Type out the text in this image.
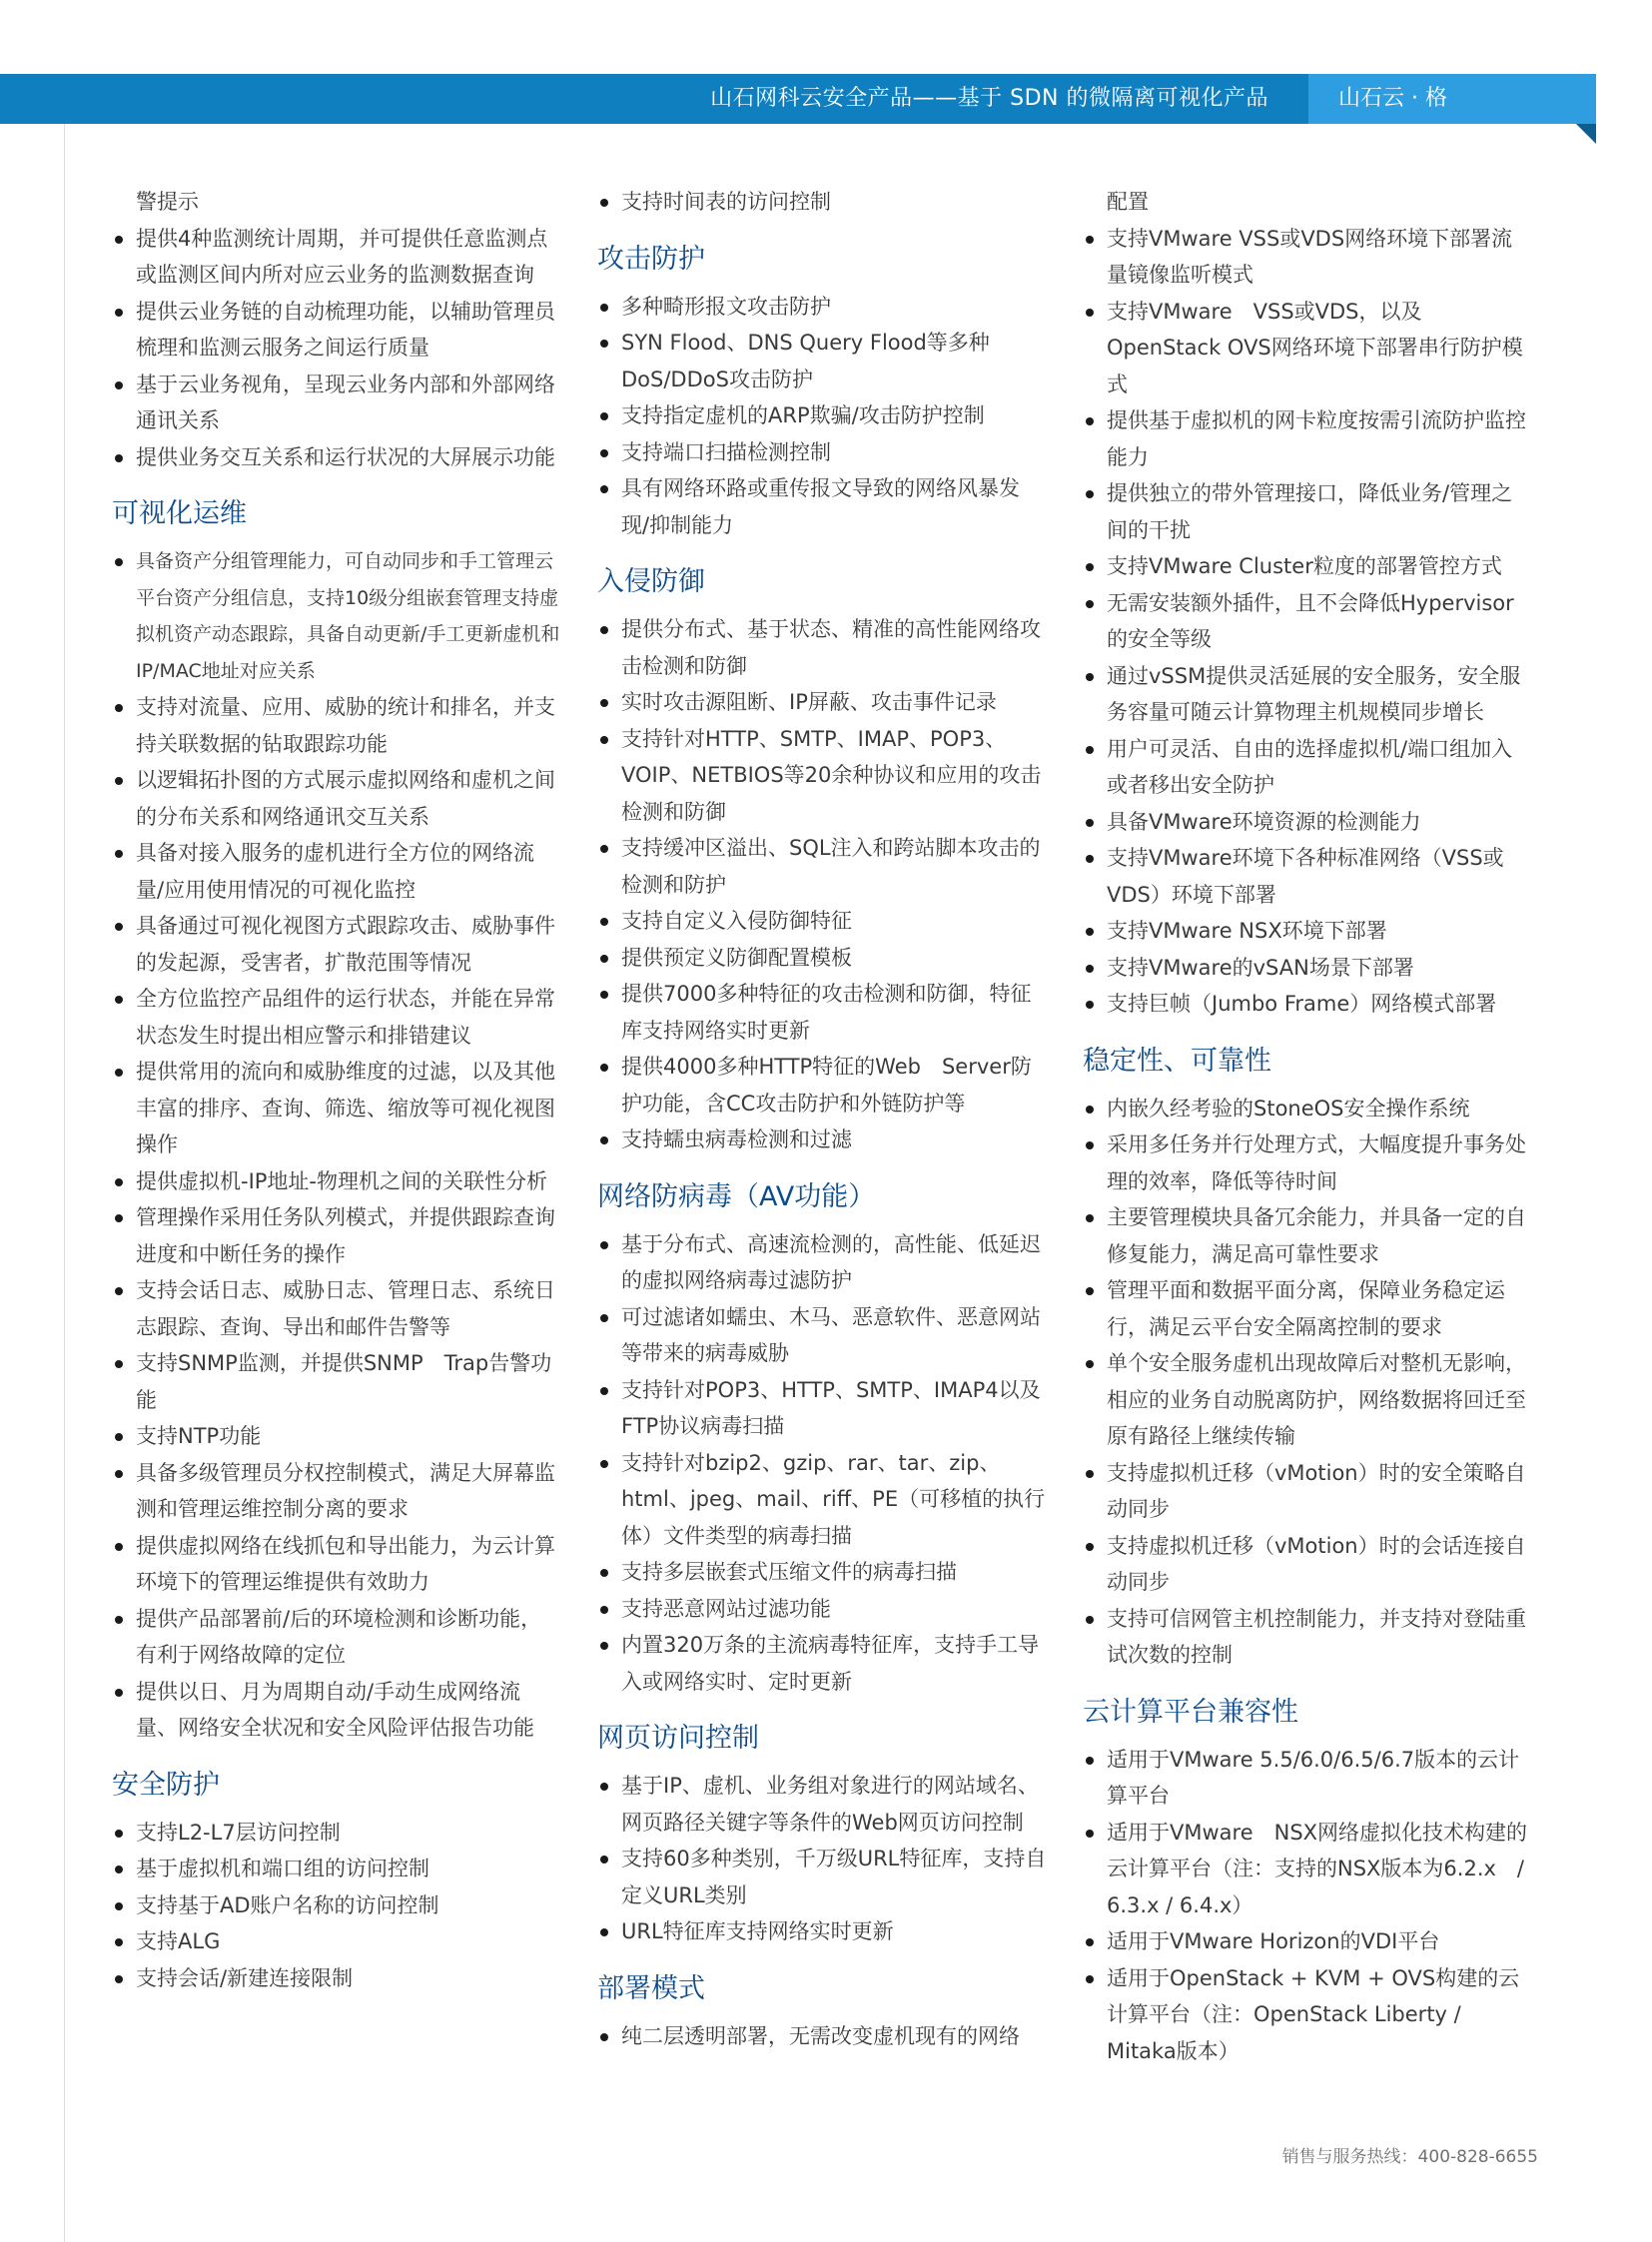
山石网科云安全产品——基于 SDN 的微隔离可视化产品	山石云 · 格

警提示

提供4种监测统计周期，并可提供任意监测点或监测区间内所对应云业务的监测数据查询
提供云业务链的自动梳理功能，以辅助管理员梳理和监测云服务之间运行质量
基于云业务视角，呈现云业务内部和外部网络通讯关系
提供业务交互关系和运行状况的大屏展示功能
可视化运维
具备资产分组管理能力，可自动同步和手工管理云平台资产分组信息，支持10级分组嵌套管理支持虚拟机资产动态跟踪，具备自动更新/手工更新虚机和IP/MAC地址对应关系
支持对流量、应用、威胁的统计和排名，并支持关联数据的钻取跟踪功能
以逻辑拓扑图的方式展示虚拟网络和虚机之间的分布关系和网络通讯交互关系
具备对接入服务的虚机进行全方位的网络流量/应用使用情况的可视化监控
具备通过可视化视图方式跟踪攻击、威胁事件的发起源，受害者，扩散范围等情况
全方位监控产品组件的运行状态，并能在异常状态发生时提出相应警示和排错建议
提供常用的流向和威胁维度的过滤，以及其他丰富的排序、查询、筛选、缩放等可视化视图操作
提供虚拟机-IP地址-物理机之间的关联性分析
管理操作采用任务队列模式，并提供跟踪查询进度和中断任务的操作
支持会话日志、威胁日志、管理日志、系统日志跟踪、查询、导出和邮件告警等
支持SNMP监测，并提供SNMP　Trap告警功能
支持NTP功能
具备多级管理员分权控制模式，满足大屏幕监测和管理运维控制分离的要求
提供虚拟网络在线抓包和导出能力，为云计算环境下的管理运维提供有效助力
提供产品部署前/后的环境检测和诊断功能，有利于网络故障的定位
提供以日、月为周期自动/手动生成网络流量、网络安全状况和安全风险评估报告功能
安全防护
支持L2-L7层访问控制
基于虚拟机和端口组的访问控制
支持基于AD账户名称的访问控制
支持ALG
支持会话/新建连接限制
支持时间表的访问控制
攻击防护
多种畸形报文攻击防护
SYN Flood、DNS Query Flood等多种DoS/DDoS攻击防护
支持指定虚机的ARP欺骗/攻击防护控制
支持端口扫描检测控制
具有网络环路或重传报文导致的网络风暴发现/抑制能力
入侵防御
提供分布式、基于状态、精准的高性能网络攻击检测和防御
实时攻击源阻断、IP屏蔽、攻击事件记录
支持针对HTTP、SMTP、IMAP、POP3、VOIP、NETBIOS等20余种协议和应用的攻击检测和防御
支持缓冲区溢出、SQL注入和跨站脚本攻击的检测和防护
支持自定义入侵防御特征
提供预定义防御配置模板
提供7000多种特征的攻击检测和防御，特征库支持网络实时更新
提供4000多种HTTP特征的Web　Server防护功能，含CC攻击防护和外链防护等
支持蠕虫病毒检测和过滤
网络防病毒（AV功能）
基于分布式、高速流检测的，高性能、低延迟的虚拟网络病毒过滤防护
可过滤诸如蠕虫、木马、恶意软件、恶意网站等带来的病毒威胁
支持针对POP3、HTTP、SMTP、IMAP4以及FTP协议病毒扫描
支持针对bzip2、gzip、rar、tar、zip、html、jpeg、mail、riff、PE（可移植的执行体）文件类型的病毒扫描
支持多层嵌套式压缩文件的病毒扫描
支持恶意网站过滤功能
内置320万条的主流病毒特征库，支持手工导入或网络实时、定时更新
网页访问控制
基于IP、虚机、业务组对象进行的网站域名、网页路径关键字等条件的Web网页访问控制
支持60多种类别，千万级URL特征库，支持自定义URL类别
URL特征库支持网络实时更新
部署模式
纯二层透明部署，无需改变虚机现有的网络

配置

支持VMware VSS或VDS网络环境下部署流量镜像监听模式
支持VMware　VSS或VDS，以及OpenStack OVS网络环境下部署串行防护模式
提供基于虚拟机的网卡粒度按需引流防护监控能力
提供独立的带外管理接口，降低业务/管理之间的干扰
支持VMware Cluster粒度的部署管控方式
无需安装额外插件，且不会降低Hypervisor的安全等级
通过vSSM提供灵活延展的安全服务，安全服务容量可随云计算物理主机规模同步增长
用户可灵活、自由的选择虚拟机/端口组加入或者移出安全防护
具备VMware环境资源的检测能力
支持VMware环境下各种标准网络（VSS或VDS）环境下部署
支持VMware NSX环境下部署
支持VMware的vSAN场景下部署
支持巨帧（Jumbo Frame）网络模式部署
稳定性、可靠性
内嵌久经考验的StoneOS安全操作系统
采用多任务并行处理方式，大幅度提升事务处理的效率，降低等待时间
主要管理模块具备冗余能力，并具备一定的自修复能力，满足高可靠性要求
管理平面和数据平面分离，保障业务稳定运行，满足云平台安全隔离控制的要求
单个安全服务虚机出现故障后对整机无影响，相应的业务自动脱离防护，网络数据将回迁至原有路径上继续传输
支持虚拟机迁移（vMotion）时的安全策略自动同步
支持虚拟机迁移（vMotion）时的会话连接自动同步
支持可信网管主机控制能力，并支持对登陆重试次数的控制
云计算平台兼容性
适用于VMware 5.5/6.0/6.5/6.7版本的云计算平台
适用于VMware　NSX网络虚拟化技术构建的云计算平台（注：支持的NSX版本为6.2.x　/ 6.3.x / 6.4.x）
适用于VMware Horizon的VDI平台
适用于OpenStack + KVM + OVS构建的云计算平台（注：OpenStack Liberty / Mitaka版本）
销售与服务热线：400-828-6655
